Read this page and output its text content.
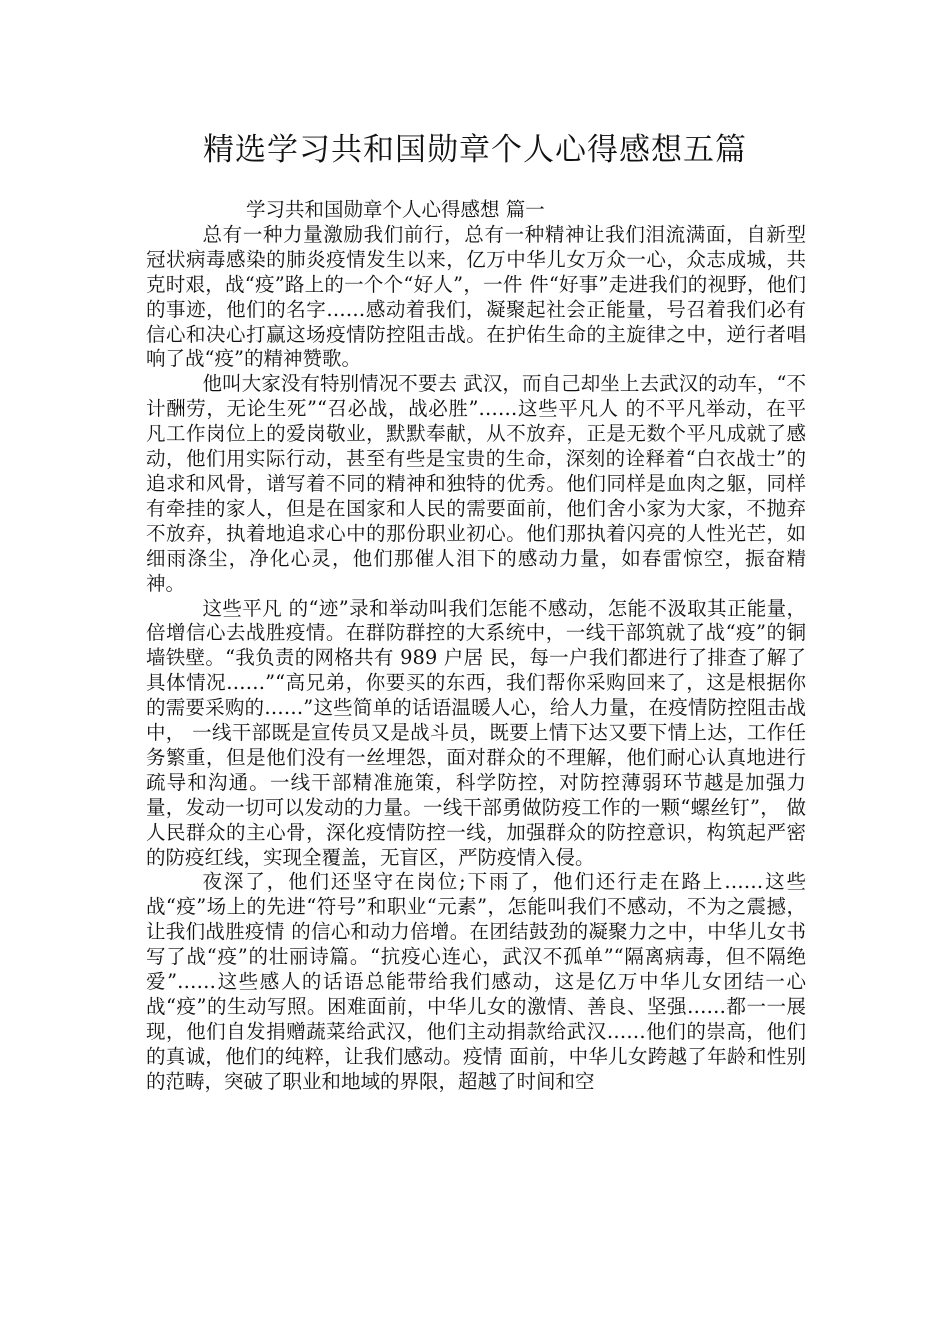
精选学习共和国勋章个人心得感想五篇

学习共和国勋章个人心得感想 篇一

总有一种力量激励我们前行，总有一种精神让我们泪流满面，自新型冠状病毒感染的肺炎疫情发生以来，亿万中华儿女万众一心，众志成城，共克时艰，战“疫”路上的一个个“好人”，一件 件“好事”走进我们的视野，他们的事迹，他们的名字……感动着我们，凝聚起社会正能量，号召着我们必有信心和决心打赢这场疫情防控阻击战。在护佑生命的主旋律之中，逆行者唱响了战“疫”的精神赞歌。

他叫大家没有特别情况不要去 武汉，而自己却坐上去武汉的动车，“不计酬劳，无论生死”“召必战，战必胜”……这些平凡人 的不平凡举动，在平凡工作岗位上的爱岗敬业，默默奉献，从不放弃，正是无数个平凡成就了感动，他们用实际行动，甚至有些是宝贵的生命，深刻的诠释着“白衣战士”的追求和风骨，谱写着不同的精神和独特的优秀。他们同样是血肉之躯，同样有牵挂的家人，但是在国家和人民的需要面前，他们舍小家为大家，不抛弃不放弃，执着地追求心中的那份职业初心。他们那执着闪亮的人性光芒，如细雨涤尘，净化心灵，他们那催人泪下的感动力量，如春雷惊空，振奋精神。

这些平凡 的“迹”录和举动叫我们怎能不感动，怎能不汲取其正能量，倍增信心去战胜疫情。在群防群控的大系统中，一线干部筑就了战“疫”的铜墙铁壁。“我负责的网格共有 989 户居 民，每一户我们都进行了排查了解了具体情况……”“高兄弟，你要买的东西，我们帮你采购回来了，这是根据你的需要采购的……”这些简单的话语温暖人心，给人力量，在疫情防控阻击战中， 一线干部既是宣传员又是战斗员，既要上情下达又要下情上达，工作任务繁重，但是他们没有一丝埋怨，面对群众的不理解，他们耐心认真地进行疏导和沟通。一线干部精准施策，科学防控，对防控薄弱环节越是加强力量，发动一切可以发动的力量。一线干部勇做防疫工作的一颗“螺丝钉”， 做人民群众的主心骨，深化疫情防控一线，加强群众的防控意识，构筑起严密的防疫红线，实现全覆盖，无盲区，严防疫情入侵。

夜深了，他们还坚守在岗位;下雨了，他们还行走在路上……这些 战“疫”场上的先进“符号”和职业“元素”，怎能叫我们不感动，不为之震撼，让我们战胜疫情 的信心和动力倍增。在团结鼓劲的凝聚力之中，中华儿女书写了战“疫”的壮丽诗篇。“抗疫心连心，武汉不孤单”“隔离病毒，但不隔绝爱”……这些感人的话语总能带给我们感动，这是亿万中华儿女团结一心战“疫”的生动写照。困难面前，中华儿女的激情、善良、坚强……都一一展现，他们自发捐赠蔬菜给武汉，他们主动捐款给武汉……他们的崇高，他们的真诚，他们的纯粹，让我们感动。疫情 面前，中华儿女跨越了年龄和性别的范畴，突破了职业和地域的界限，超越了时间和空
